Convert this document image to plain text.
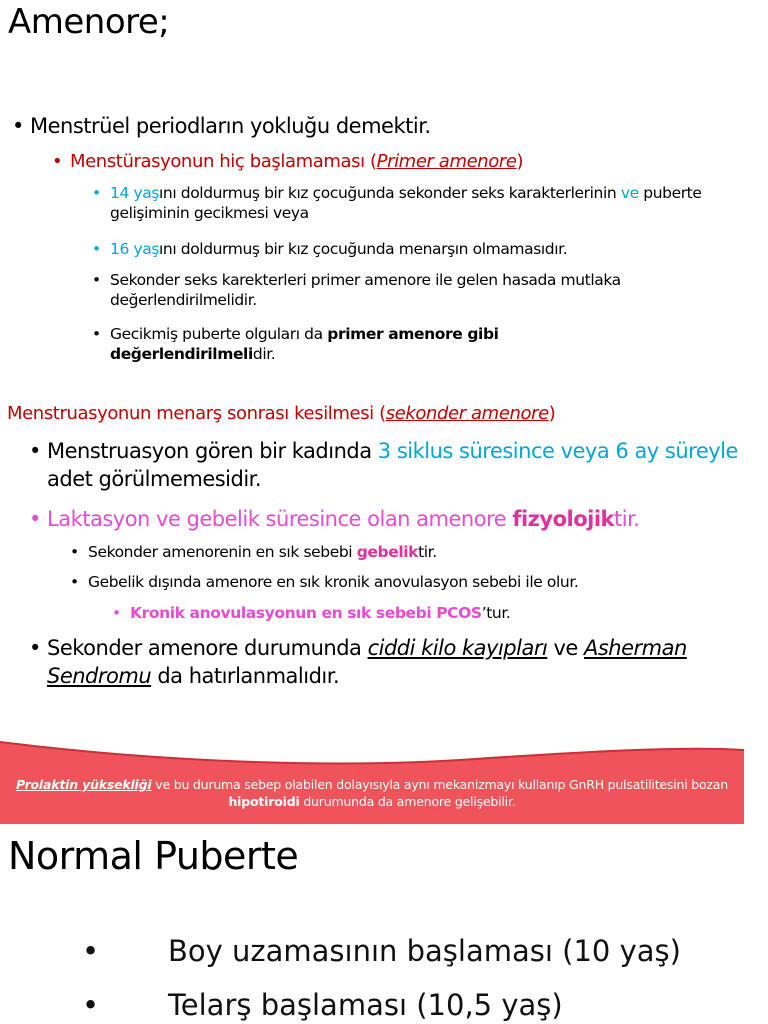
Amenore;
• Menstrüel periodların yokluğu demektir.
• Menstürasyonun hiç başlamaması (Primer amenore)
• 14 yaşını doldurmuş bir kız çocuğunda sekonder seks karakterlerinin ve puberte gelişiminin gecikmesi veya
• 16 yaşını doldurmuş bir kız çocuğunda menarşın olmamasıdır.
• Sekonder seks karekterleri primer amenore ile gelen hasada mutlaka değerlendirilmelidir.
• Gecikmiş puberte olguları da primer amenore gibi değerlendirilmelidir.
Menstruasyonun menarş sonrası kesilmesi (sekonder amenore)
• Menstruasyon gören bir kadında 3 siklus süresince veya 6 ay süreyle adet görülmemesidir.
• Laktasyon ve gebelik süresince olan amenore fizyolojiktir.
• Sekonder amenorenin en sık sebebi gebeliktir.
• Gebelik dışında amenore en sık kronik anovulasyon sebebi ile olur.
• Kronik anovulasyonun en sık sebebi PCOS’tur.
• Sekonder amenore durumunda ciddi kilo kayıpları ve Asherman Sendromu da hatırlanmalıdır.
Prolaktin yüksekliği ve bu duruma sebep olabilen dolayısıyla aynı mekanizmayı kullanıp GnRH pulsatilitesini bozan hipotiroidi durumunda da amenore gelişebilir.
Normal Puberte
• Boy uzamasının başlaması (10 yaş)
• Telarş başlaması (10,5 yaş)
